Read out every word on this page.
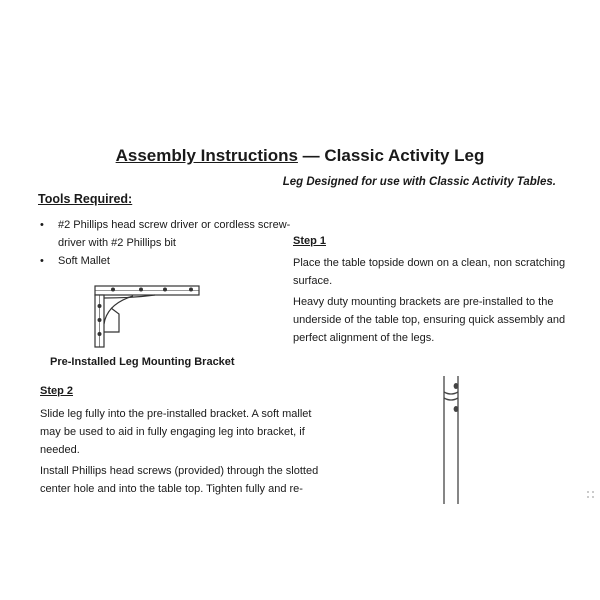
Assembly Instructions — Classic Activity Leg
Leg Designed for use with Classic Activity Tables.
Tools Required:
• #2 Phillips head screw driver or cordless screw-driver with #2 Phillips bit
• Soft Mallet
Step 1
Place the table topside down on a clean, non scratching surface.
Heavy duty mounting brackets are pre-installed to the underside of the table top, ensuring quick assembly and perfect alignment of the legs.
Pre-Installed Leg Mounting Bracket
Step 2
Slide leg fully into the pre-installed bracket. A soft mallet may be used to aid in fully engaging leg into bracket, if needed.
Install Phillips head screws (provided) through the slotted center hole and into the table top. Tighten fully and re-
